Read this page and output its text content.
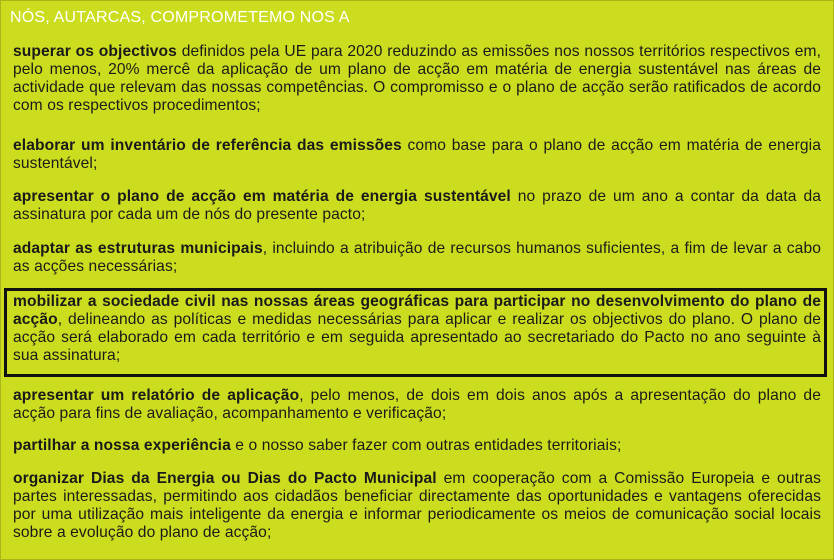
NÓS, AUTARCAS, COMPROMETEMO NOS A
superar os objectivos definidos pela UE para 2020 reduzindo as emissões nos nossos territórios respectivos em, pelo menos, 20% mercê da aplicação de um plano de acção em matéria de energia sustentável nas áreas de actividade que relevam das nossas competências. O compromisso e o plano de acção serão ratificados de acordo com os respectivos procedimentos;
elaborar um inventário de referência das emissões como base para o plano de acção em matéria de energia sustentável;
apresentar o plano de acção em matéria de energia sustentável no prazo de um ano a contar da data da assinatura por cada um de nós do presente pacto;
adaptar as estruturas municipais, incluindo a atribuição de recursos humanos suficientes, a fim de levar a cabo as acções necessárias;
mobilizar a sociedade civil nas nossas áreas geográficas para participar no desenvolvimento do plano de acção, delineando as políticas e medidas necessárias para aplicar e realizar os objectivos do plano. O plano de acção será elaborado em cada território e em seguida apresentado ao secretariado do Pacto no ano seguinte à sua assinatura;
apresentar um relatório de aplicação, pelo menos, de dois em dois anos após a apresentação do plano de acção para fins de avaliação, acompanhamento e verificação;
partilhar a nossa experiência e o nosso saber fazer com outras entidades territoriais;
organizar Dias da Energia ou Dias do Pacto Municipal em cooperação com a Comissão Europeia e outras partes interessadas, permitindo aos cidadãos beneficiar directamente das oportunidades e vantagens oferecidas por uma utilização mais inteligente da energia e informar periodicamente os meios de comunicação social locais sobre a evolução do plano de acção;
